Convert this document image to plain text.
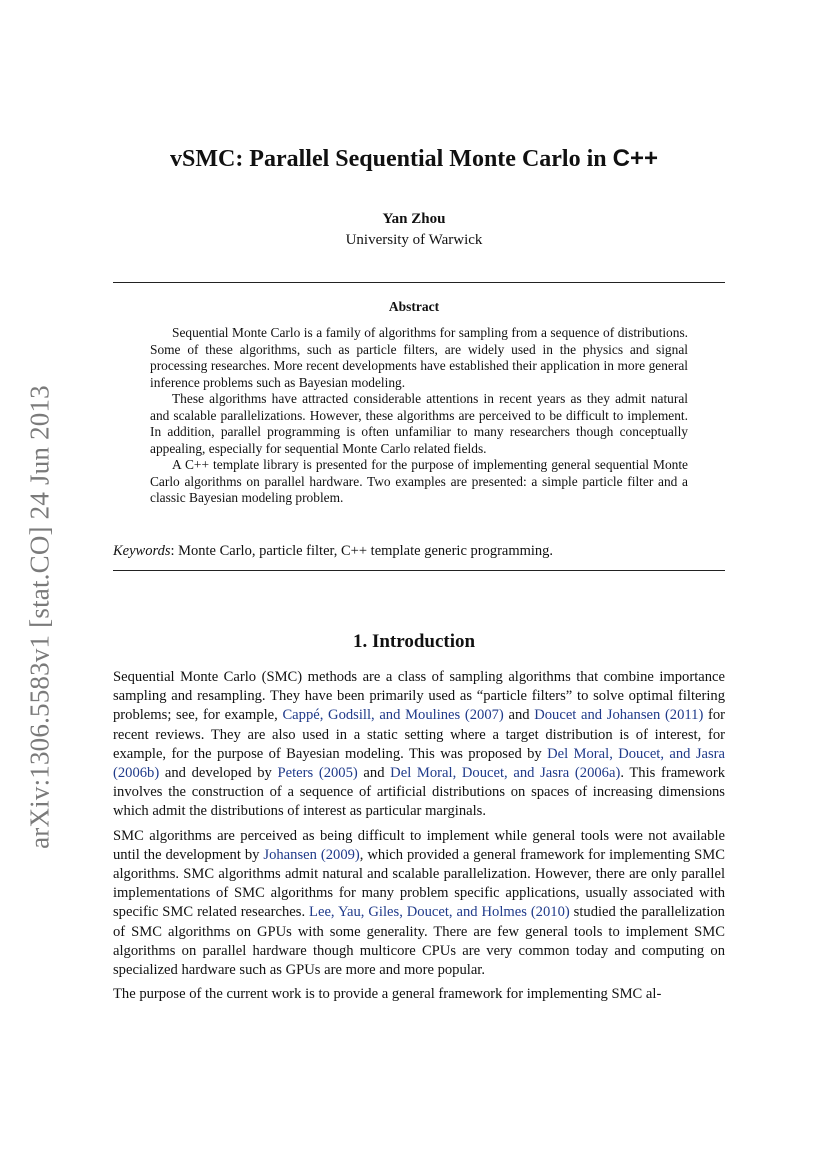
arXiv:1306.5583v1 [stat.CO] 24 Jun 2013
vSMC: Parallel Sequential Monte Carlo in C++
Yan Zhou
University of Warwick
Abstract

Sequential Monte Carlo is a family of algorithms for sampling from a sequence of distributions. Some of these algorithms, such as particle filters, are widely used in the physics and signal processing researches. More recent developments have established their application in more general inference problems such as Bayesian modeling.

These algorithms have attracted considerable attentions in recent years as they admit natural and scalable parallelizations. However, these algorithms are perceived to be difficult to implement. In addition, parallel programming is often unfamiliar to many researchers though conceptually appealing, especially for sequential Monte Carlo related fields.

A C++ template library is presented for the purpose of implementing general sequential Monte Carlo algorithms on parallel hardware. Two examples are presented: a simple particle filter and a classic Bayesian modeling problem.

Keywords: Monte Carlo, particle filter, C++ template generic programming.
1. Introduction

Sequential Monte Carlo (SMC) methods are a class of sampling algorithms that combine importance sampling and resampling. They have been primarily used as “particle filters” to solve optimal filtering problems; see, for example, Cappé, Godsill, and Moulines (2007) and Doucet and Johansen (2011) for recent reviews. They are also used in a static setting where a target distribution is of interest, for example, for the purpose of Bayesian modeling. This was proposed by Del Moral, Doucet, and Jasra (2006b) and developed by Peters (2005) and Del Moral, Doucet, and Jasra (2006a). This framework involves the construction of a sequence of artificial distributions on spaces of increasing dimensions which admit the distributions of interest as particular marginals.

SMC algorithms are perceived as being difficult to implement while general tools were not available until the development by Johansen (2009), which provided a general framework for implementing SMC algorithms. SMC algorithms admit natural and scalable parallelization. However, there are only parallel implementations of SMC algorithms for many problem specific applications, usually associated with specific SMC related researches. Lee, Yau, Giles, Doucet, and Holmes (2010) studied the parallelization of SMC algorithms on GPUs with some generality. There are few general tools to implement SMC algorithms on parallel hardware though multicore CPUs are very common today and computing on specialized hardware such as GPUs are more and more popular.

The purpose of the current work is to provide a general framework for implementing SMC al-
